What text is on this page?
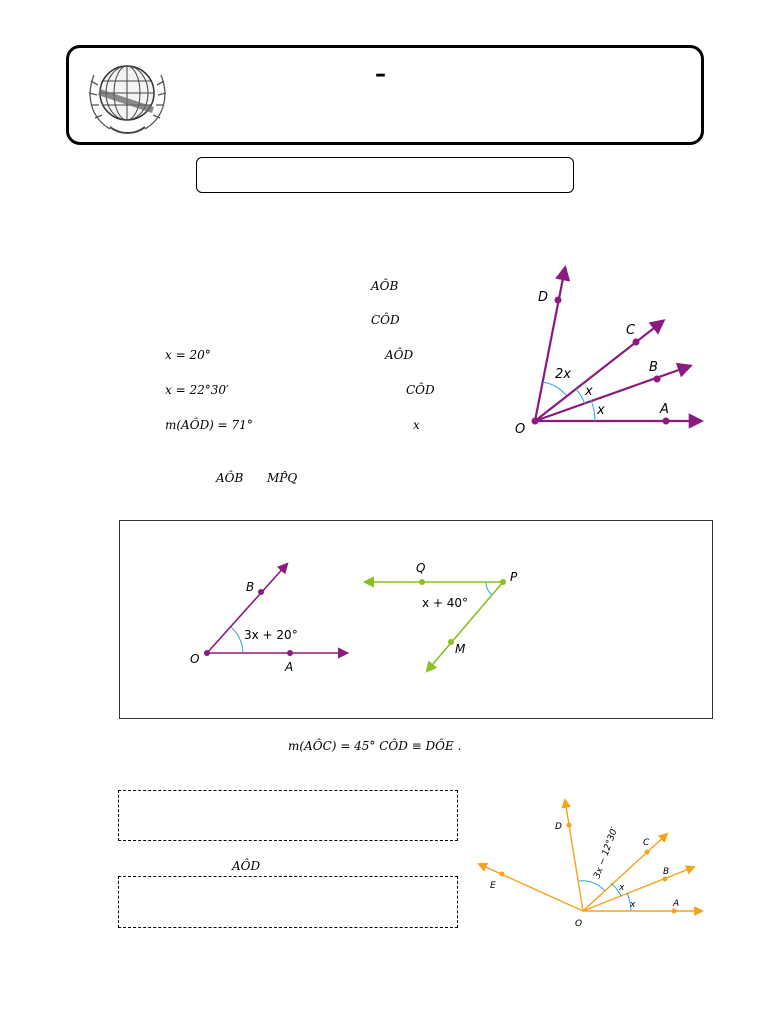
–
AÔB
CÔD
x = 20°	AÔD
x = 22°30′	CÔD
m(AÔD) = 71°	x
D
C
B
A
O
2x
x
x
AÔB MP̂Q
B
O
A
3x + 20°
Q
P
M
x + 40°
m(AÔC) = 45° CÔD ≡ DÔE .
AÔD
D
C
B
A
E
O
3x − 12°30′
x
x
